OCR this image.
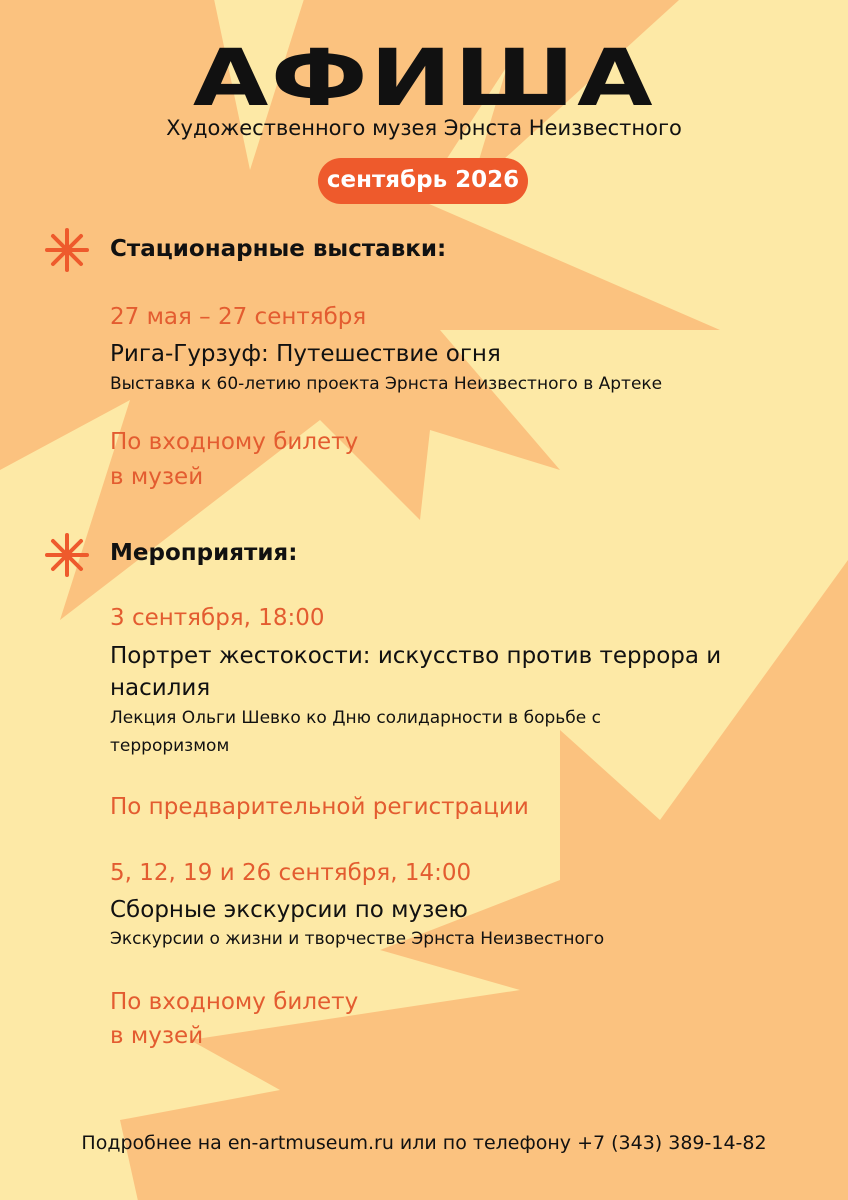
АФИША
Художественного музея Эрнста Неизвестного
сентябрь 2026
Стационарные выставки:
27 мая – 27 сентября
Рига-Гурзуф: Путешествие огня
Выставка к 60-летию проекта Эрнста Неизвестного в Артеке
По входному билету
в музей
Мероприятия:
3 сентября, 18:00
Портрет жестокости: искусство против террора и
насилия
Лекция Ольги Шевко ко Дню солидарности в борьбе с
терроризмом
По предварительной регистрации
5, 12, 19 и 26 сентября, 14:00
Сборные экскурсии по музею
Экскурсии о жизни и творчестве Эрнста Неизвестного
По входному билету
в музей
Подробнее на en-artmuseum.ru или по телефону +7 (343) 389-14-82
